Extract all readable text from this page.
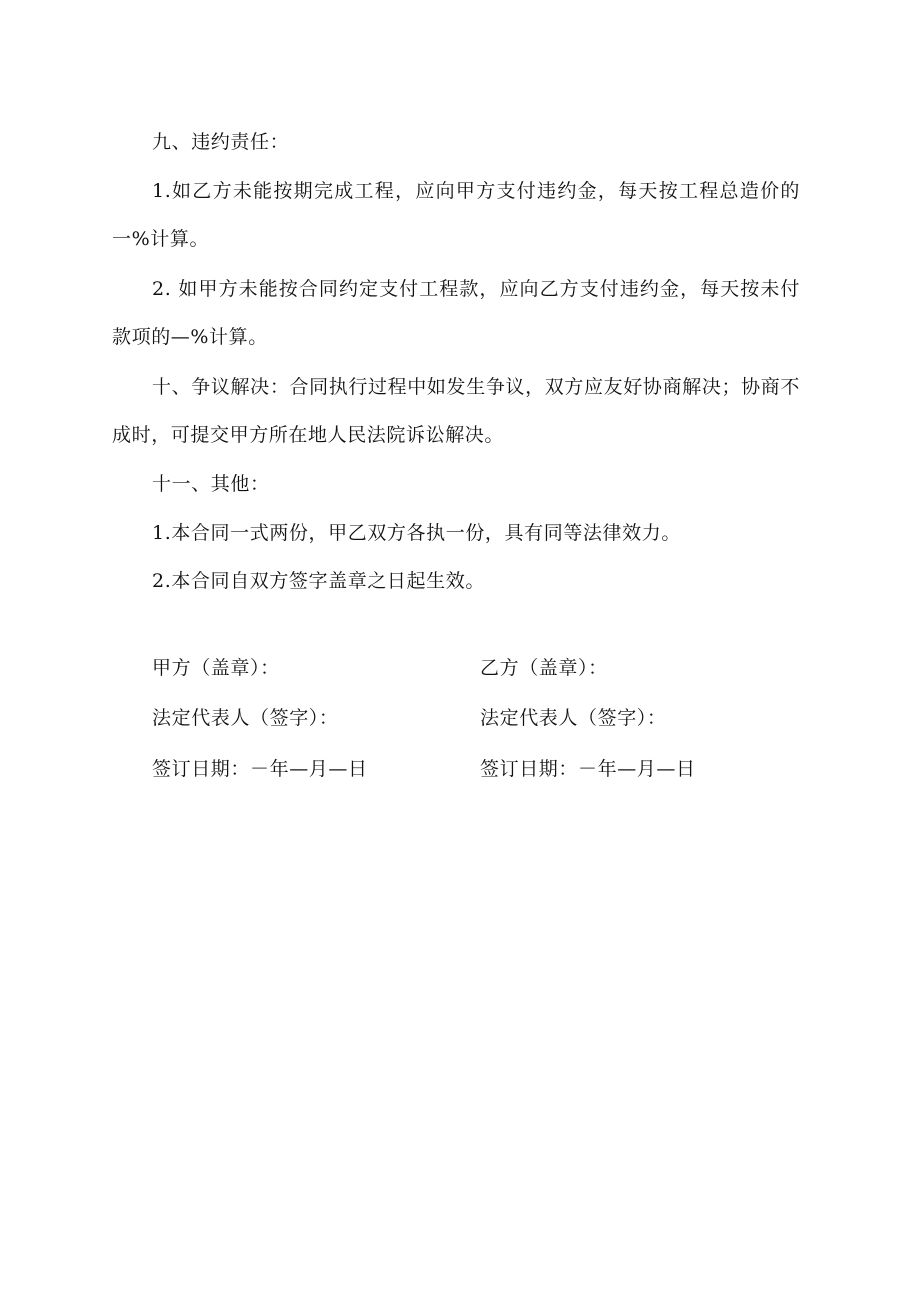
九、违约责任：

1.如乙方未能按期完成工程，应向甲方支付违约金，每天按工程总造价的一%计算。

2. 如甲方未能按合同约定支付工程款，应向乙方支付违约金，每天按未付款项的—%计算。

十、争议解决：合同执行过程中如发生争议，双方应友好协商解决；协商不成时，可提交甲方所在地人民法院诉讼解决。

十一、其他：

1.本合同一式两份，甲乙双方各执一份，具有同等法律效力。

2.本合同自双方签字盖章之日起生效。

甲方（盖章）：

法定代表人（签字）：

签订日期：－年—月—日

乙方（盖章）：

法定代表人（签字）：

签订日期：－年—月—日
